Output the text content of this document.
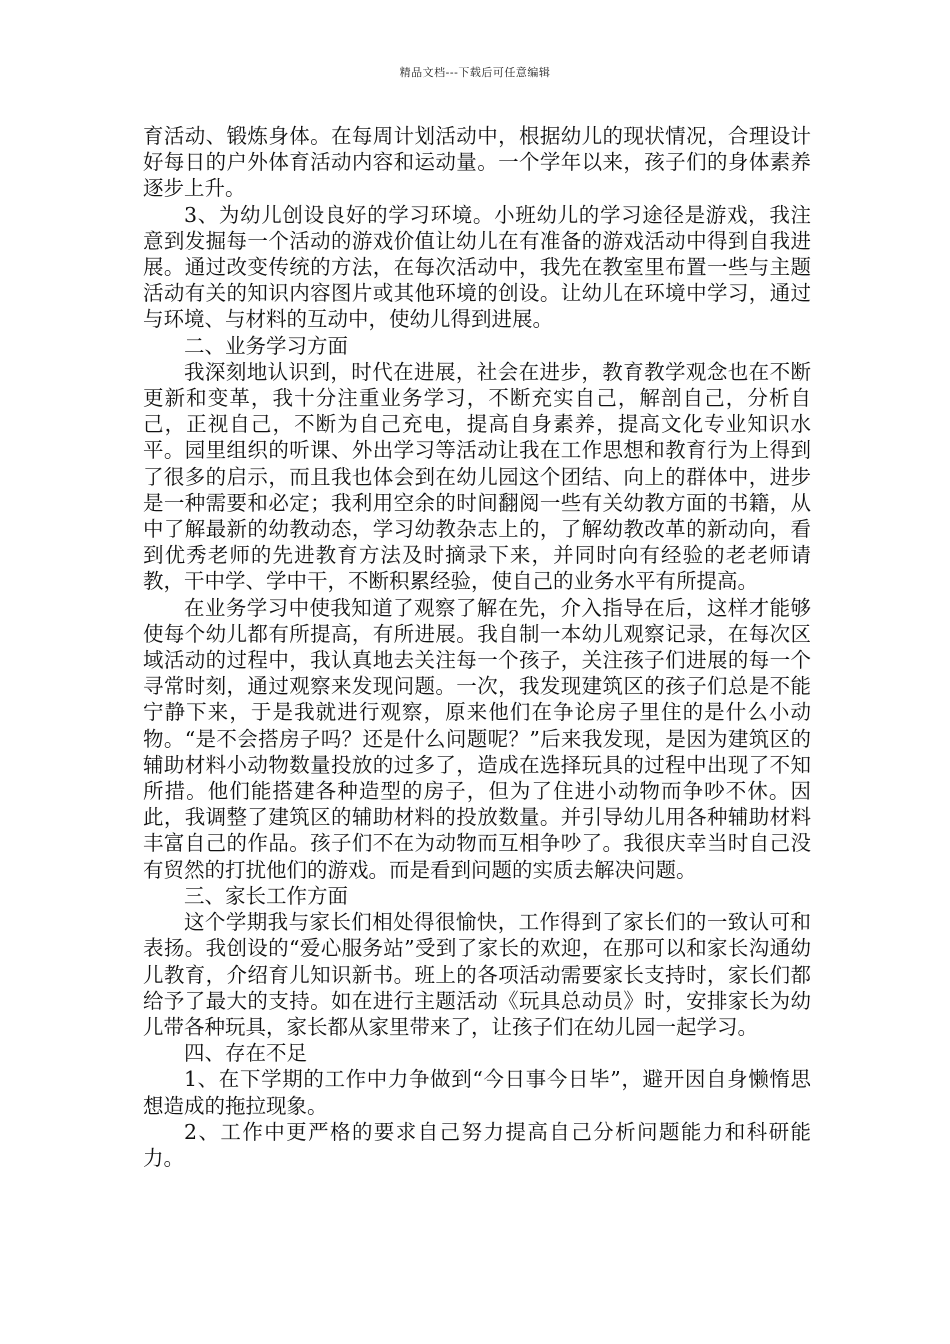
精品文档---下载后可任意编辑

育活动、锻炼身体。在每周计划活动中，根据幼儿的现状情况，合理设计好每日的户外体育活动内容和运动量。一个学年以来，孩子们的身体素养逐步上升。

3、为幼儿创设良好的学习环境。小班幼儿的学习途径是游戏，我注意到发掘每一个活动的游戏价值让幼儿在有准备的游戏活动中得到自我进展。通过改变传统的方法，在每次活动中，我先在教室里布置一些与主题活动有关的知识内容图片或其他环境的创设。让幼儿在环境中学习，通过与环境、与材料的互动中，使幼儿得到进展。

二、业务学习方面

我深刻地认识到，时代在进展，社会在进步，教育教学观念也在不断更新和变革，我十分注重业务学习，不断充实自己，解剖自己，分析自己，正视自己，不断为自己充电，提高自身素养，提高文化专业知识水平。园里组织的听课、外出学习等活动让我在工作思想和教育行为上得到了很多的启示，而且我也体会到在幼儿园这个团结、向上的群体中，进步是一种需要和必定；我利用空余的时间翻阅一些有关幼教方面的书籍，从中了解最新的幼教动态，学习幼教杂志上的，了解幼教改革的新动向，看到优秀老师的先进教育方法及时摘录下来，并同时向有经验的老老师请教，干中学、学中干，不断积累经验，使自己的业务水平有所提高。

在业务学习中使我知道了观察了解在先，介入指导在后，这样才能够使每个幼儿都有所提高，有所进展。我自制一本幼儿观察记录，在每次区域活动的过程中，我认真地去关注每一个孩子，关注孩子们进展的每一个寻常时刻，通过观察来发现问题。一次，我发现建筑区的孩子们总是不能宁静下来，于是我就进行观察，原来他们在争论房子里住的是什么小动物。“是不会搭房子吗？还是什么问题呢？”后来我发现，是因为建筑区的辅助材料小动物数量投放的过多了，造成在选择玩具的过程中出现了不知所措。他们能搭建各种造型的房子，但为了住进小动物而争吵不休。因此，我调整了建筑区的辅助材料的投放数量。并引导幼儿用各种辅助材料丰富自己的作品。孩子们不在为动物而互相争吵了。我很庆幸当时自己没有贸然的打扰他们的游戏。而是看到问题的实质去解决问题。

三、家长工作方面

这个学期我与家长们相处得很愉快，工作得到了家长们的一致认可和表扬。我创设的“爱心服务站”受到了家长的欢迎，在那可以和家长沟通幼儿教育，介绍育儿知识新书。班上的各项活动需要家长支持时，家长们都给予了最大的支持。如在进行主题活动《玩具总动员》时，安排家长为幼儿带各种玩具，家长都从家里带来了，让孩子们在幼儿园一起学习。

四、存在不足

1、在下学期的工作中力争做到“今日事今日毕”，避开因自身懒惰思想造成的拖拉现象。

2、工作中更严格的要求自己努力提高自己分析问题能力和科研能力。
